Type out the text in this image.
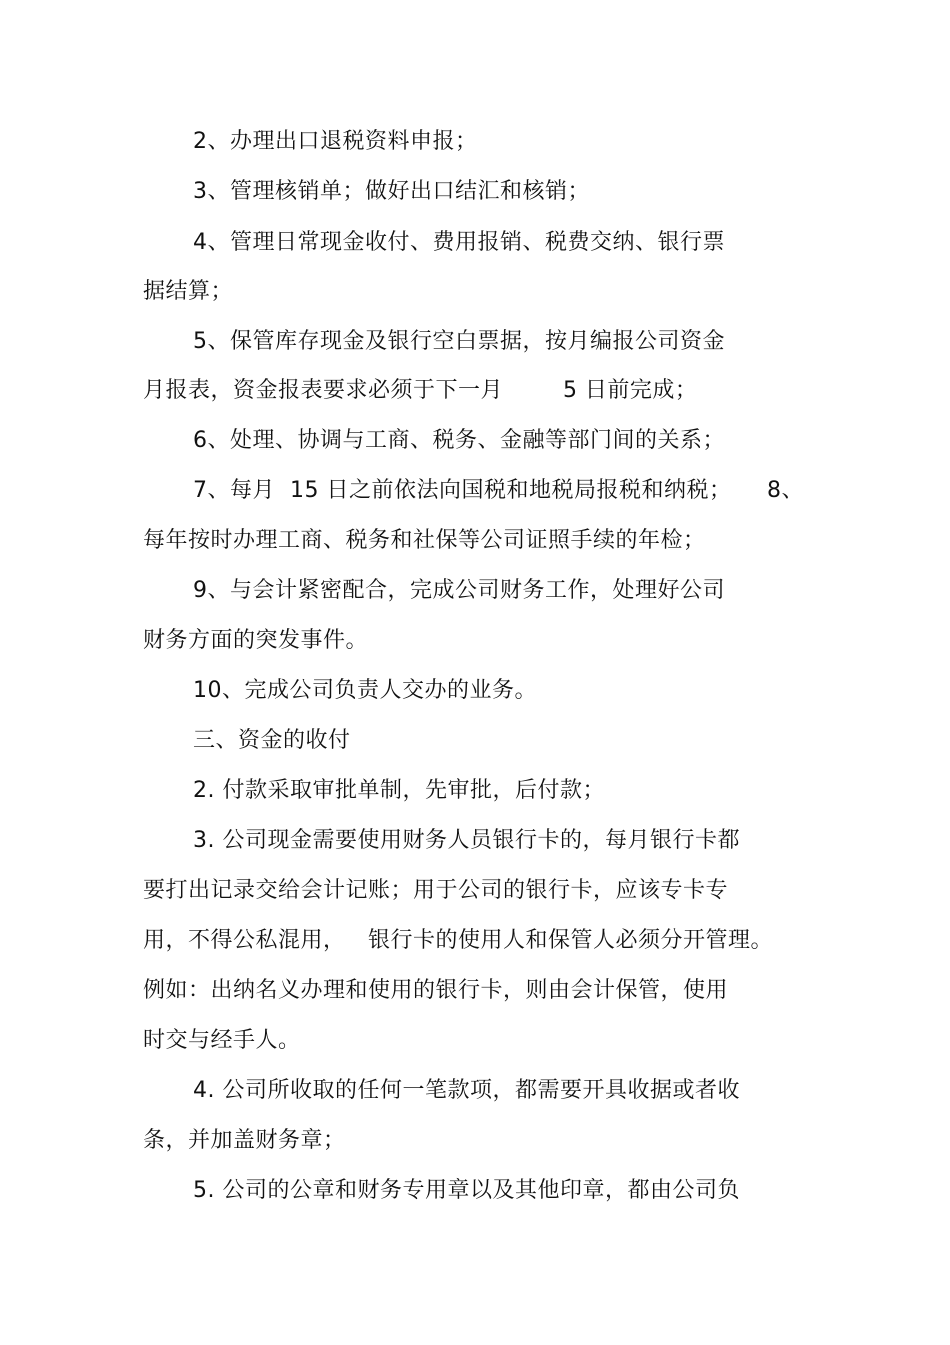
2、办理出口退税资料申报；
3、管理核销单；做好出口结汇和核销；
4、管理日常现金收付、费用报销、税费交纳、银行票
据结算；
5、保管库存现金及银行空白票据，按月编报公司资金
月报表，资金报表要求必须于下一月        5 日前完成；
6、处理、协调与工商、税务、金融等部门间的关系；
7、每月  15 日之前依法向国税和地税局报税和纳税； 8、
每年按时办理工商、税务和社保等公司证照手续的年检；
9、与会计紧密配合，完成公司财务工作，处理好公司
财务方面的突发事件。
10、完成公司负责人交办的业务。
三、资金的收付
2. 付款采取审批单制，先审批，后付款；
3. 公司现金需要使用财务人员银行卡的，每月银行卡都
要打出记录交给会计记账；用于公司的银行卡，应该专卡专
用，不得公私混用，   银行卡的使用人和保管人必须分开管理。
例如：出纳名义办理和使用的银行卡，则由会计保管，使用
时交与经手人。
4. 公司所收取的任何一笔款项，都需要开具收据或者收
条，并加盖财务章；
5. 公司的公章和财务专用章以及其他印章，都由公司负
